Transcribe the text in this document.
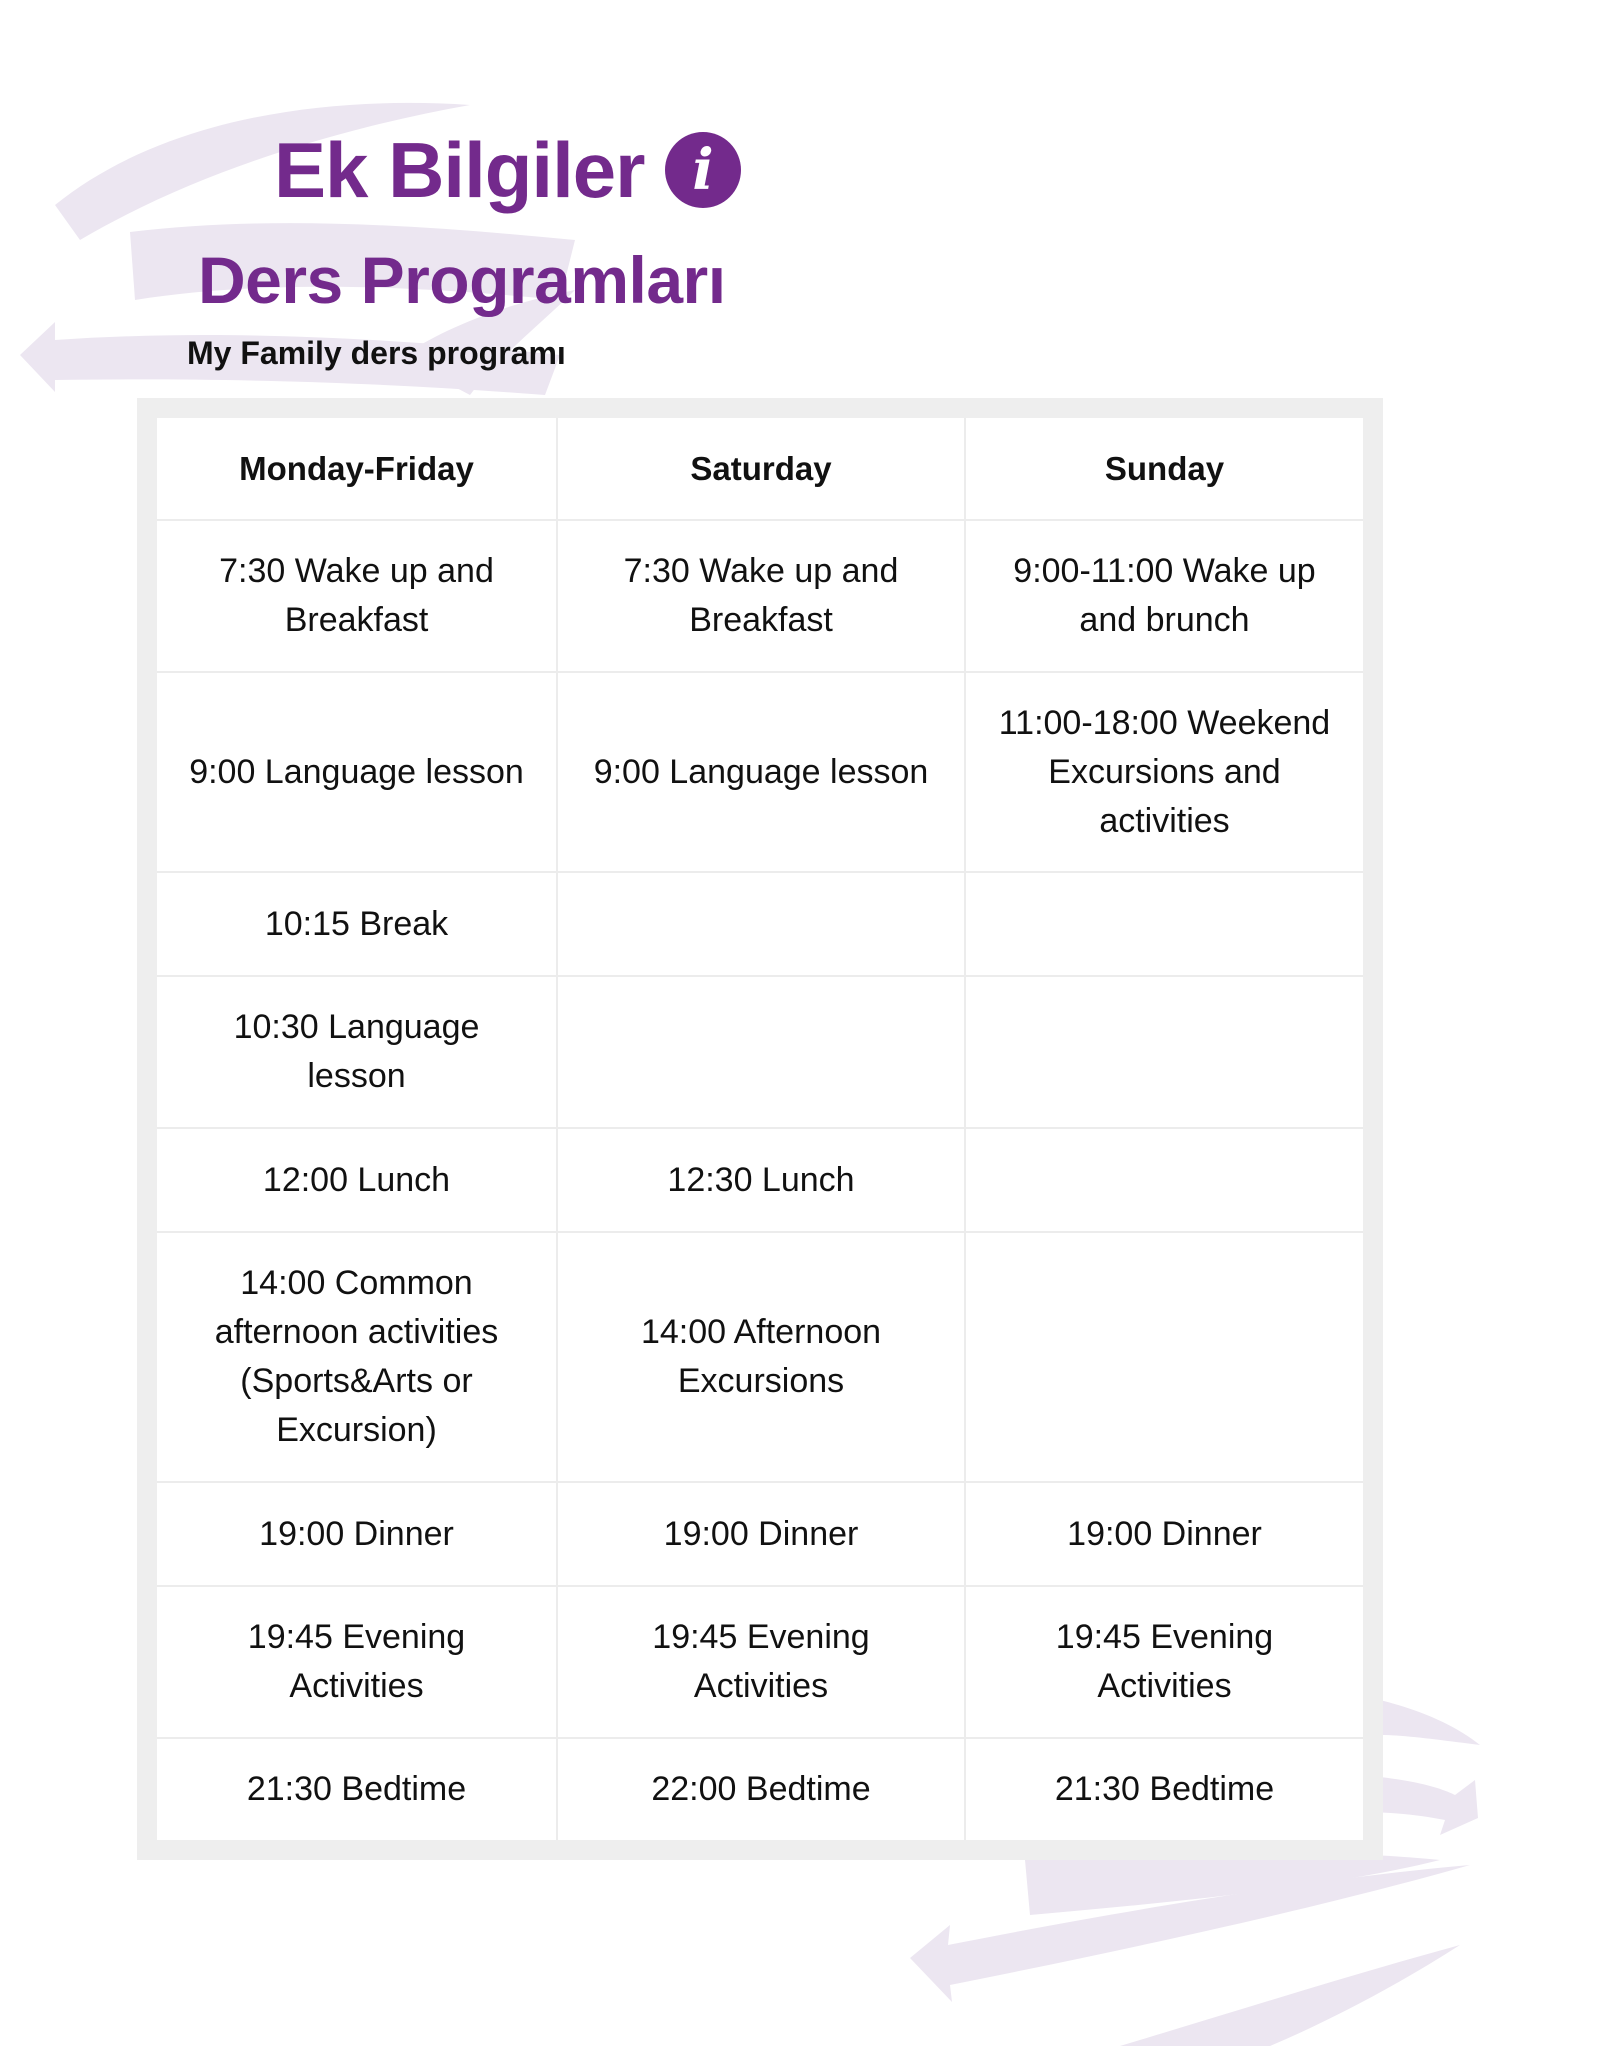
Ek Bilgiler i
Ders Programları

My Family ders programı

Monday-Friday	Saturday	Sunday
7:30 Wake up and Breakfast	7:30 Wake up and Breakfast	9:00-11:00 Wake up and brunch
9:00 Language lesson	9:00 Language lesson	11:00-18:00 Weekend Excursions and activities
10:15 Break		
10:30 Language lesson		
12:00 Lunch	12:30 Lunch	
14:00 Common afternoon activities (Sports&Arts or Excursion)	14:00 Afternoon Excursions	
19:00 Dinner	19:00 Dinner	19:00 Dinner
19:45 Evening Activities	19:45 Evening Activities	19:45 Evening Activities
21:30 Bedtime	22:00 Bedtime	21:30 Bedtime
